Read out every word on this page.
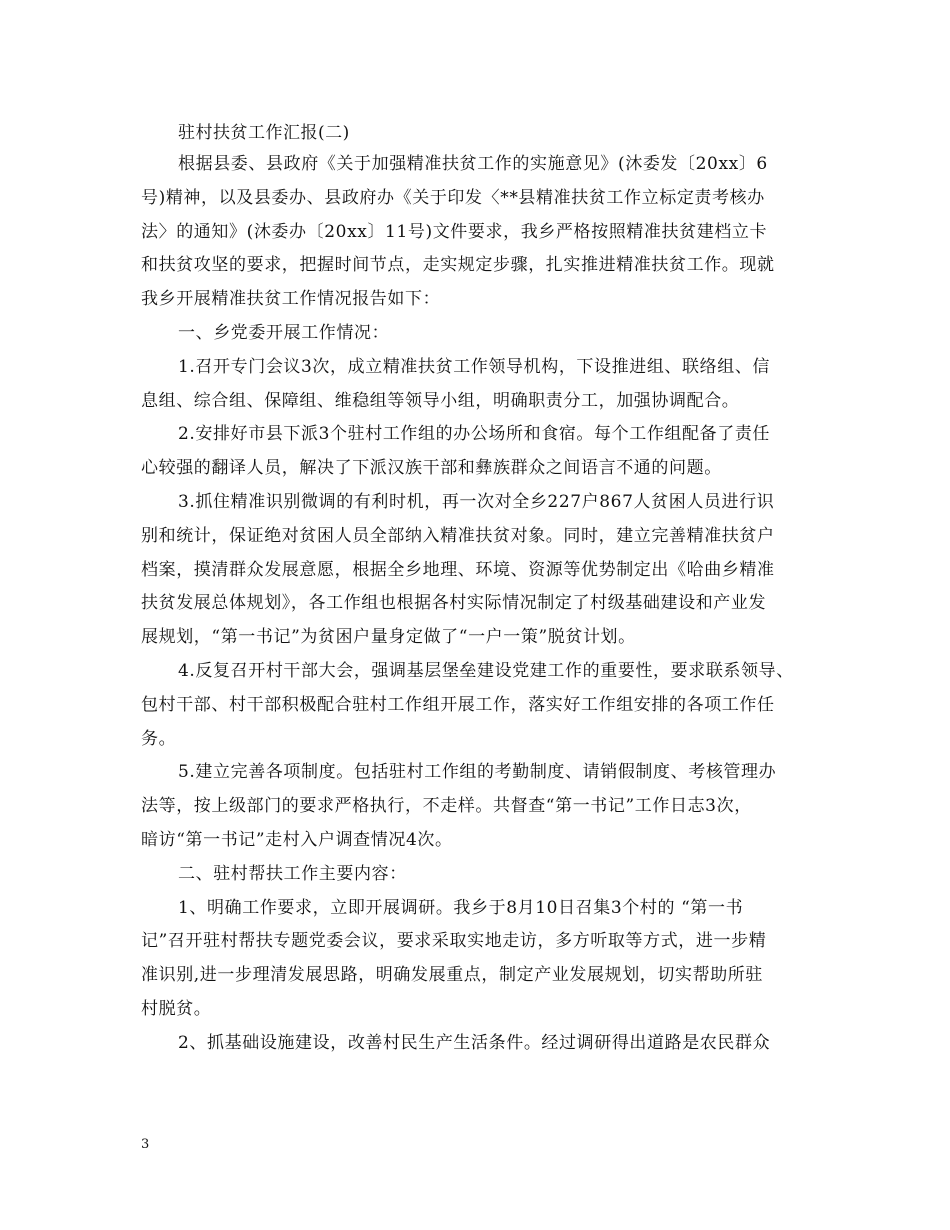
驻村扶贫工作汇报(二)
根据县委、县政府《关于加强精准扶贫工作的实施意见》(沐委发〔20xx〕6
号)精神，以及县委办、县政府办《关于印发〈**县精准扶贫工作立标定责考核办
法〉的通知》(沐委办〔20xx〕11号)文件要求，我乡严格按照精准扶贫建档立卡
和扶贫攻坚的要求，把握时间节点，走实规定步骤，扎实推进精准扶贫工作。现就
我乡开展精准扶贫工作情况报告如下：
一、乡党委开展工作情况：
1.召开专门会议3次，成立精准扶贫工作领导机构，下设推进组、联络组、信
息组、综合组、保障组、维稳组等领导小组，明确职责分工，加强协调配合。
2.安排好市县下派3个驻村工作组的办公场所和食宿。每个工作组配备了责任
心较强的翻译人员，解决了下派汉族干部和彝族群众之间语言不通的问题。
3.抓住精准识别微调的有利时机，再一次对全乡227户867人贫困人员进行识
别和统计，保证绝对贫困人员全部纳入精准扶贫对象。同时，建立完善精准扶贫户
档案，摸清群众发展意愿，根据全乡地理、环境、资源等优势制定出《哈曲乡精准
扶贫发展总体规划》，各工作组也根据各村实际情况制定了村级基础建设和产业发
展规划，“第一书记”为贫困户量身定做了“一户一策”脱贫计划。
4.反复召开村干部大会，强调基层堡垒建设党建工作的重要性，要求联系领导、
包村干部、村干部积极配合驻村工作组开展工作，落实好工作组安排的各项工作任
务。
5.建立完善各项制度。包括驻村工作组的考勤制度、请销假制度、考核管理办
法等，按上级部门的要求严格执行，不走样。共督查“第一书记”工作日志3次，
暗访“第一书记”走村入户调查情况4次。
二、驻村帮扶工作主要内容：
1、明确工作要求，立即开展调研。我乡于8月10日召集3个村的 “第一书
记”召开驻村帮扶专题党委会议，要求采取实地走访，多方听取等方式，进一步精
准识别,进一步理清发展思路，明确发展重点，制定产业发展规划，切实帮助所驻
村脱贫。
2、抓基础设施建设，改善村民生产生活条件。经过调研得出道路是农民群众
3
